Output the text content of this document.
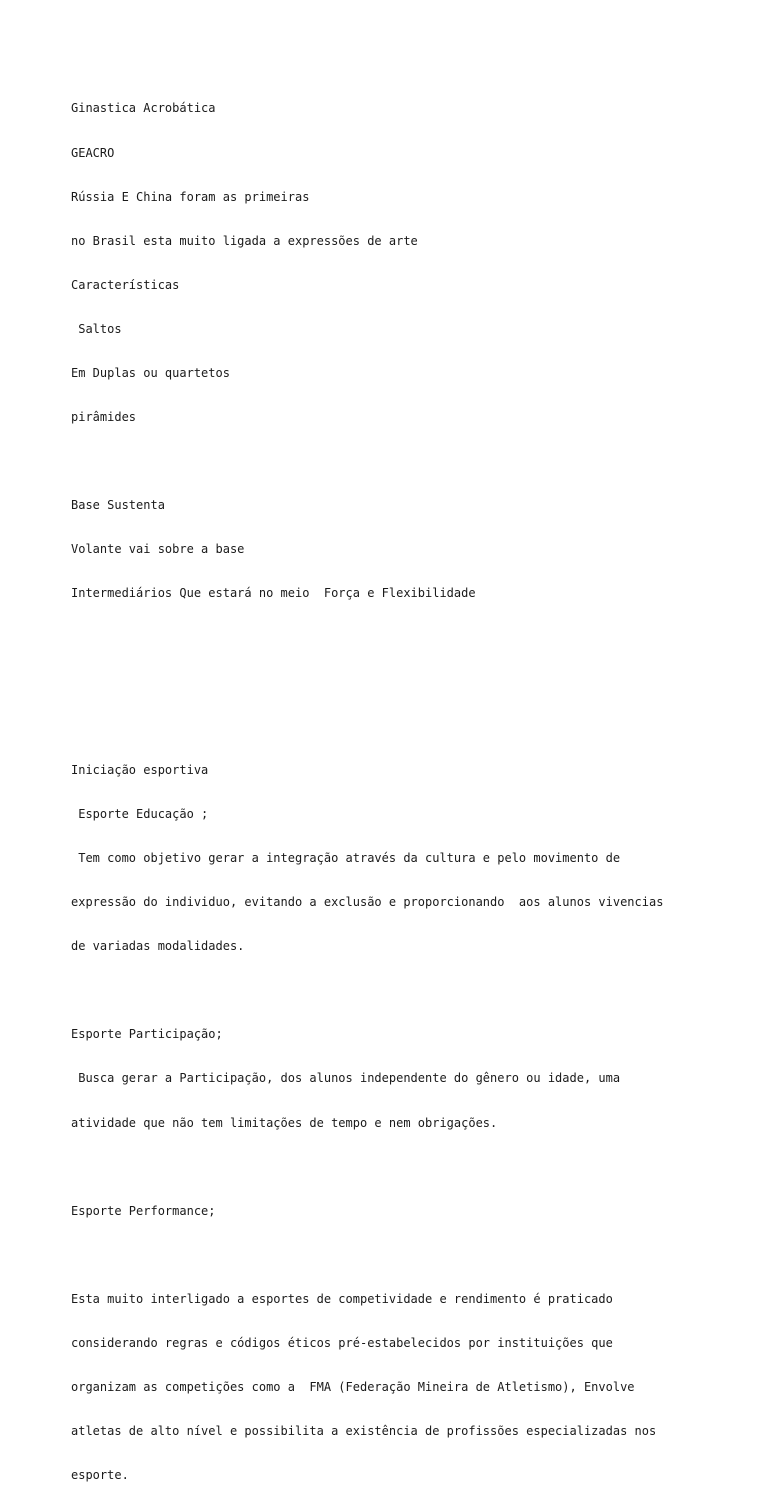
Ginastica Acrobática

GEACRO

Rússia E China foram as primeiras

no Brasil esta muito ligada a expressões de arte

Características

Saltos

Em Duplas ou quartetos

pirâmides

Base Sustenta

Volante vai sobre a base

Intermediários Que estará no meio  Força e Flexibilidade

Iniciação esportiva

Esporte Educação ;

Tem como objetivo gerar a integração através da cultura e pelo movimento de

expressão do individuo, evitando a exclusão e proporcionando  aos alunos vivencias

de variadas modalidades.

Esporte Participação;

Busca gerar a Participação, dos alunos independente do gênero ou idade, uma

atividade que não tem limitações de tempo e nem obrigações.

Esporte Performance;

Esta muito interligado a esportes de competividade e rendimento é praticado

considerando regras e códigos éticos pré-estabelecidos por instituições que

organizam as competições como a  FMA (Federação Mineira de Atletismo), Envolve

atletas de alto nível e possibilita a existência de profissões especializadas nos

esporte.
